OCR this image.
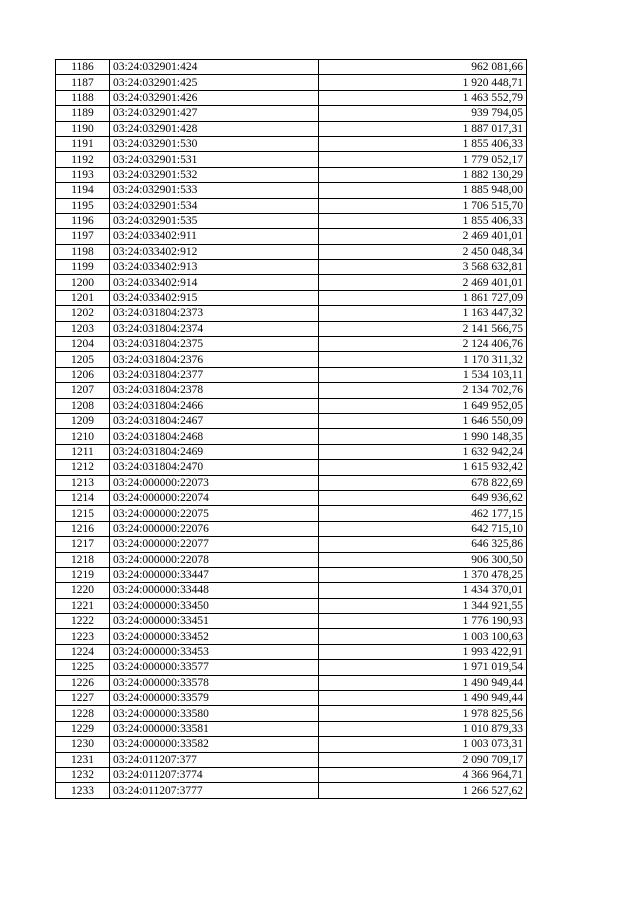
1186	03:24:032901:424	962 081,66
1187	03:24:032901:425	1 920 448,71
1188	03:24:032901:426	1 463 552,79
1189	03:24:032901:427	939 794,05
1190	03:24:032901:428	1 887 017,31
1191	03:24:032901:530	1 855 406,33
1192	03:24:032901:531	1 779 052,17
1193	03:24:032901:532	1 882 130,29
1194	03:24:032901:533	1 885 948,00
1195	03:24:032901:534	1 706 515,70
1196	03:24:032901:535	1 855 406,33
1197	03:24:033402:911	2 469 401,01
1198	03:24:033402:912	2 450 048,34
1199	03:24:033402:913	3 568 632,81
1200	03:24:033402:914	2 469 401,01
1201	03:24:033402:915	1 861 727,09
1202	03:24:031804:2373	1 163 447,32
1203	03:24:031804:2374	2 141 566,75
1204	03:24:031804:2375	2 124 406,76
1205	03:24:031804:2376	1 170 311,32
1206	03:24:031804:2377	1 534 103,11
1207	03:24:031804:2378	2 134 702,76
1208	03:24:031804:2466	1 649 952,05
1209	03:24:031804:2467	1 646 550,09
1210	03:24:031804:2468	1 990 148,35
1211	03:24:031804:2469	1 632 942,24
1212	03:24:031804:2470	1 615 932,42
1213	03:24:000000:22073	678 822,69
1214	03:24:000000:22074	649 936,62
1215	03:24:000000:22075	462 177,15
1216	03:24:000000:22076	642 715,10
1217	03:24:000000:22077	646 325,86
1218	03:24:000000:22078	906 300,50
1219	03:24:000000:33447	1 370 478,25
1220	03:24:000000:33448	1 434 370,01
1221	03:24:000000:33450	1 344 921,55
1222	03:24:000000:33451	1 776 190,93
1223	03:24:000000:33452	1 003 100,63
1224	03:24:000000:33453	1 993 422,91
1225	03:24:000000:33577	1 971 019,54
1226	03:24:000000:33578	1 490 949,44
1227	03:24:000000:33579	1 490 949,44
1228	03:24:000000:33580	1 978 825,56
1229	03:24:000000:33581	1 010 879,33
1230	03:24:000000:33582	1 003 073,31
1231	03:24:011207:377	2 090 709,17
1232	03:24:011207:3774	4 366 964,71
1233	03:24:011207:3777	1 266 527,62
